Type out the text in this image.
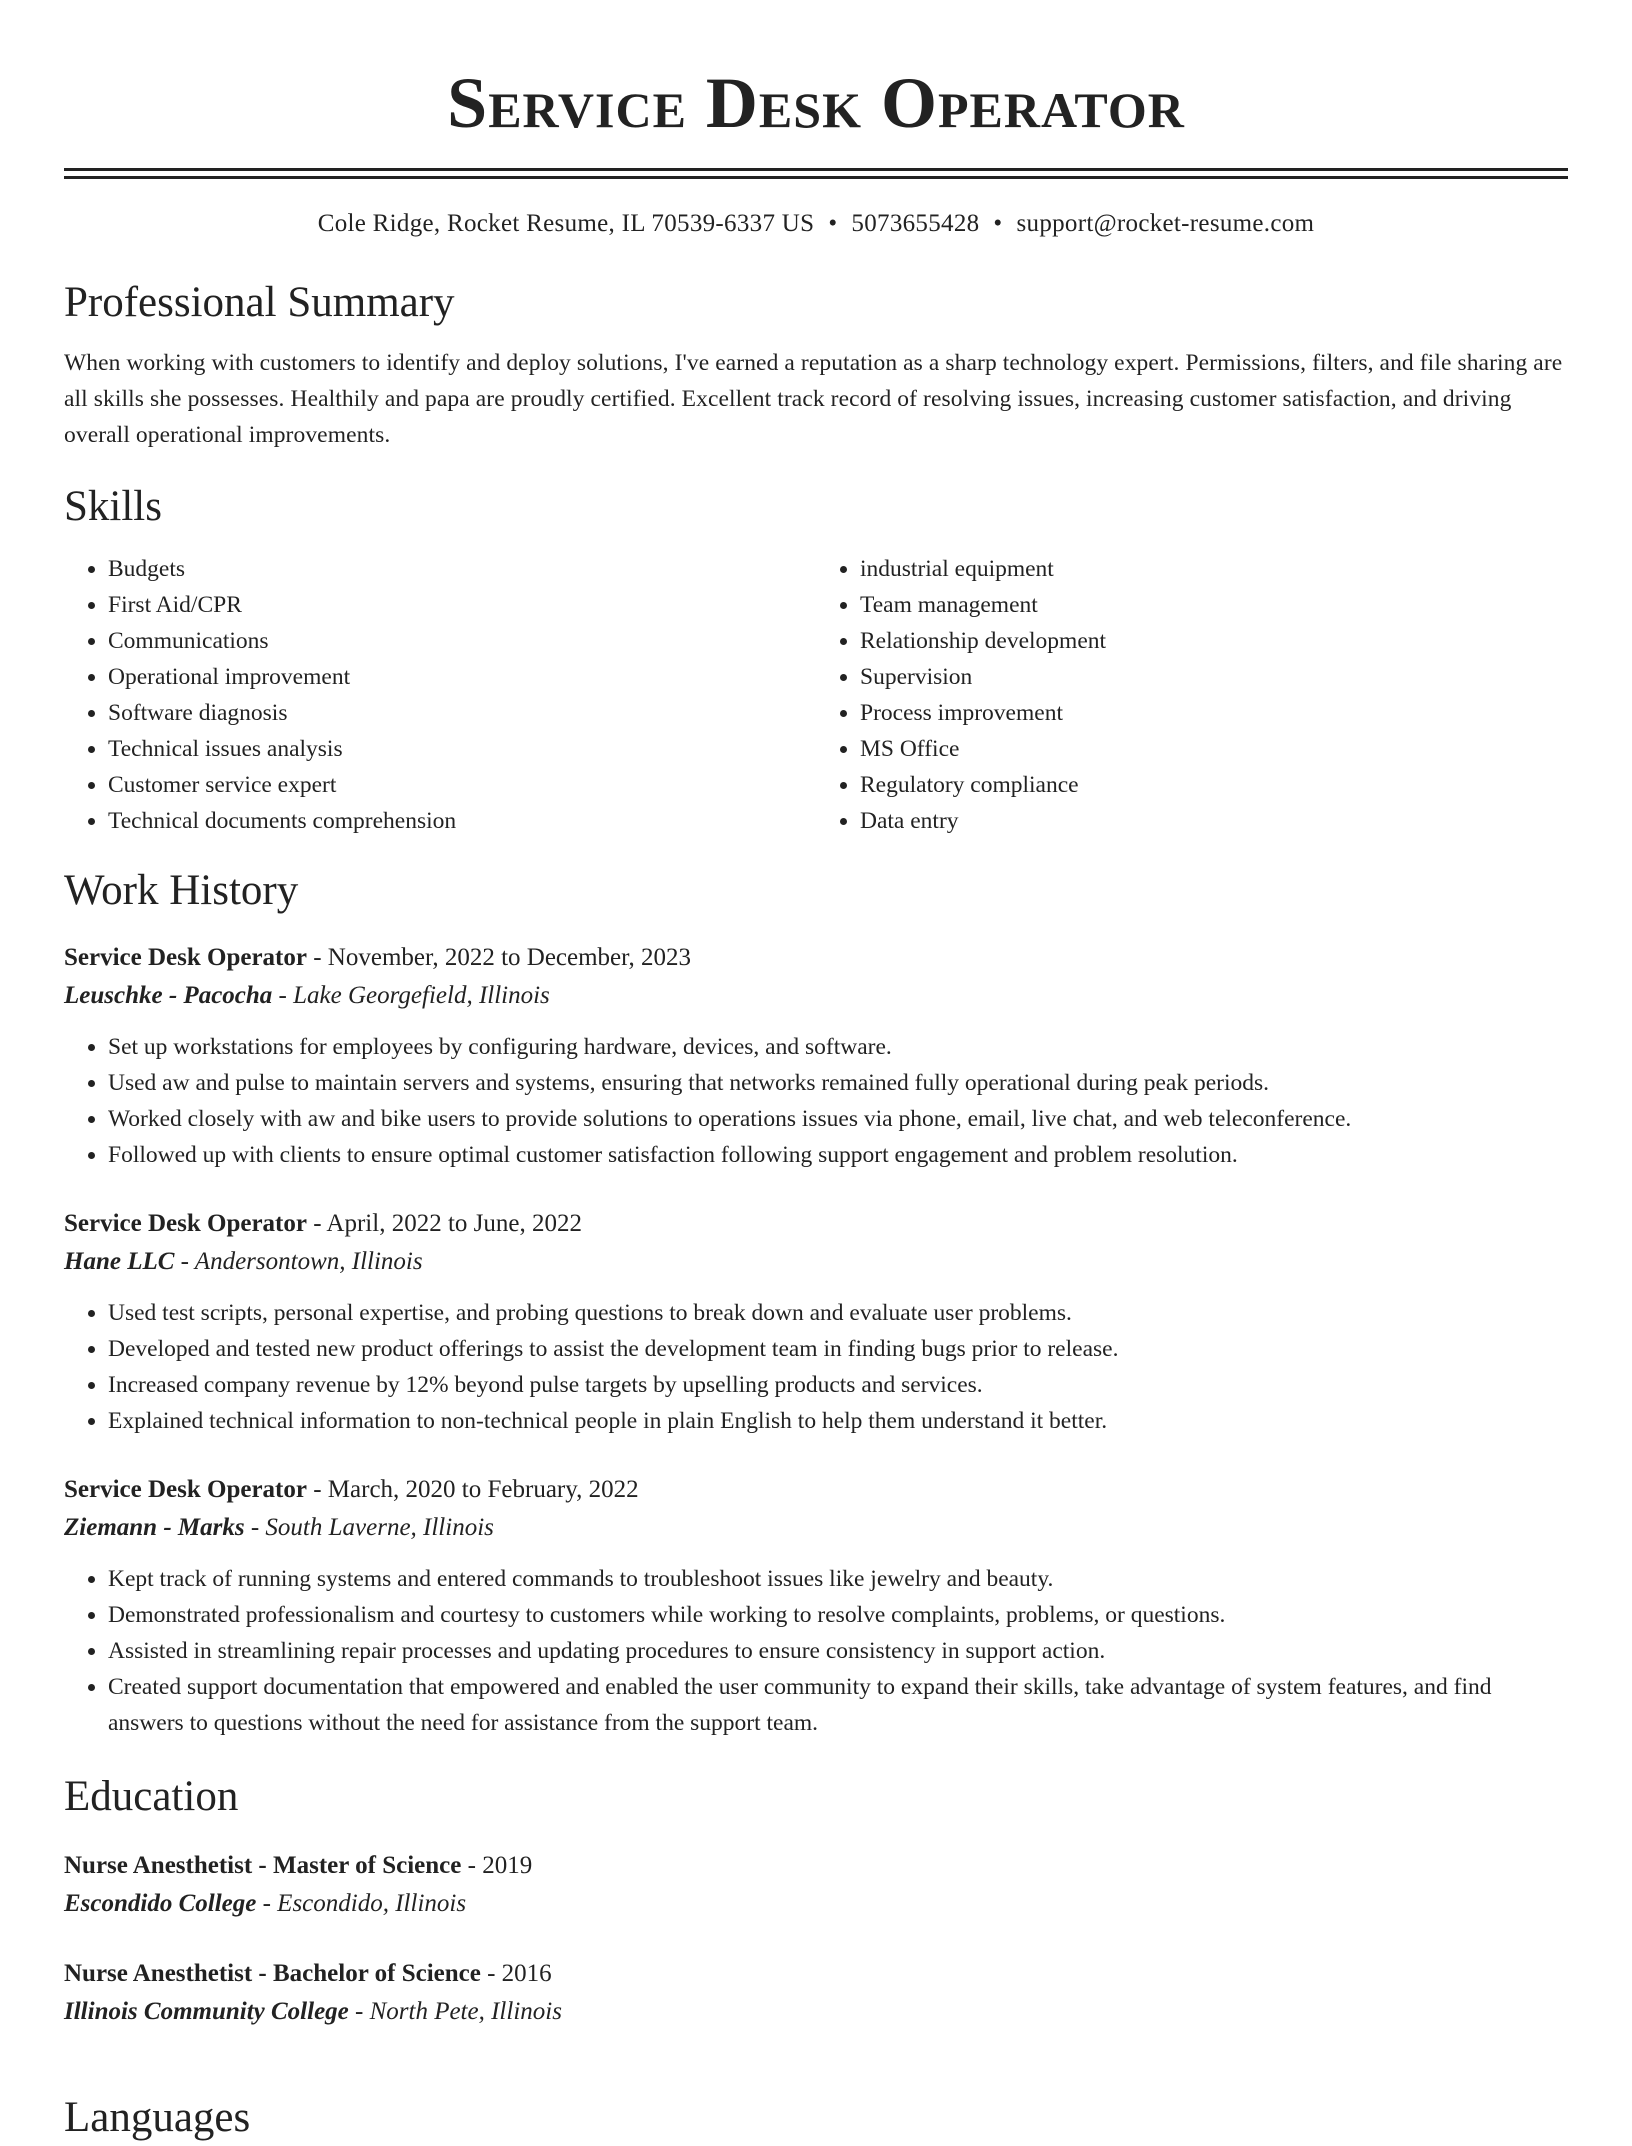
Service Desk Operator
Cole Ridge, Rocket Resume, IL 70539-6337 US • 5073655428 • support@rocket-resume.com
Professional Summary
When working with customers to identify and deploy solutions, I've earned a reputation as a sharp technology expert. Permissions, filters, and file sharing are all skills she possesses. Healthily and papa are proudly certified. Excellent track record of resolving issues, increasing customer satisfaction, and driving overall operational improvements.
Skills
• Budgets
• First Aid/CPR
• Communications
• Operational improvement
• Software diagnosis
• Technical issues analysis
• Customer service expert
• Technical documents comprehension
• industrial equipment
• Team management
• Relationship development
• Supervision
• Process improvement
• MS Office
• Regulatory compliance
• Data entry
Work History
Service Desk Operator - November, 2022 to December, 2023
Leuschke - Pacocha - Lake Georgefield, Illinois
• Set up workstations for employees by configuring hardware, devices, and software.
• Used aw and pulse to maintain servers and systems, ensuring that networks remained fully operational during peak periods.
• Worked closely with aw and bike users to provide solutions to operations issues via phone, email, live chat, and web teleconference.
• Followed up with clients to ensure optimal customer satisfaction following support engagement and problem resolution.
Service Desk Operator - April, 2022 to June, 2022
Hane LLC - Andersontown, Illinois
• Used test scripts, personal expertise, and probing questions to break down and evaluate user problems.
• Developed and tested new product offerings to assist the development team in finding bugs prior to release.
• Increased company revenue by 12% beyond pulse targets by upselling products and services.
• Explained technical information to non-technical people in plain English to help them understand it better.
Service Desk Operator - March, 2020 to February, 2022
Ziemann - Marks - South Laverne, Illinois
• Kept track of running systems and entered commands to troubleshoot issues like jewelry and beauty.
• Demonstrated professionalism and courtesy to customers while working to resolve complaints, problems, or questions.
• Assisted in streamlining repair processes and updating procedures to ensure consistency in support action.
• Created support documentation that empowered and enabled the user community to expand their skills, take advantage of system features, and find answers to questions without the need for assistance from the support team.
Education
Nurse Anesthetist - Master of Science - 2019
Escondido College - Escondido, Illinois
Nurse Anesthetist - Bachelor of Science - 2016
Illinois Community College - North Pete, Illinois
Languages
